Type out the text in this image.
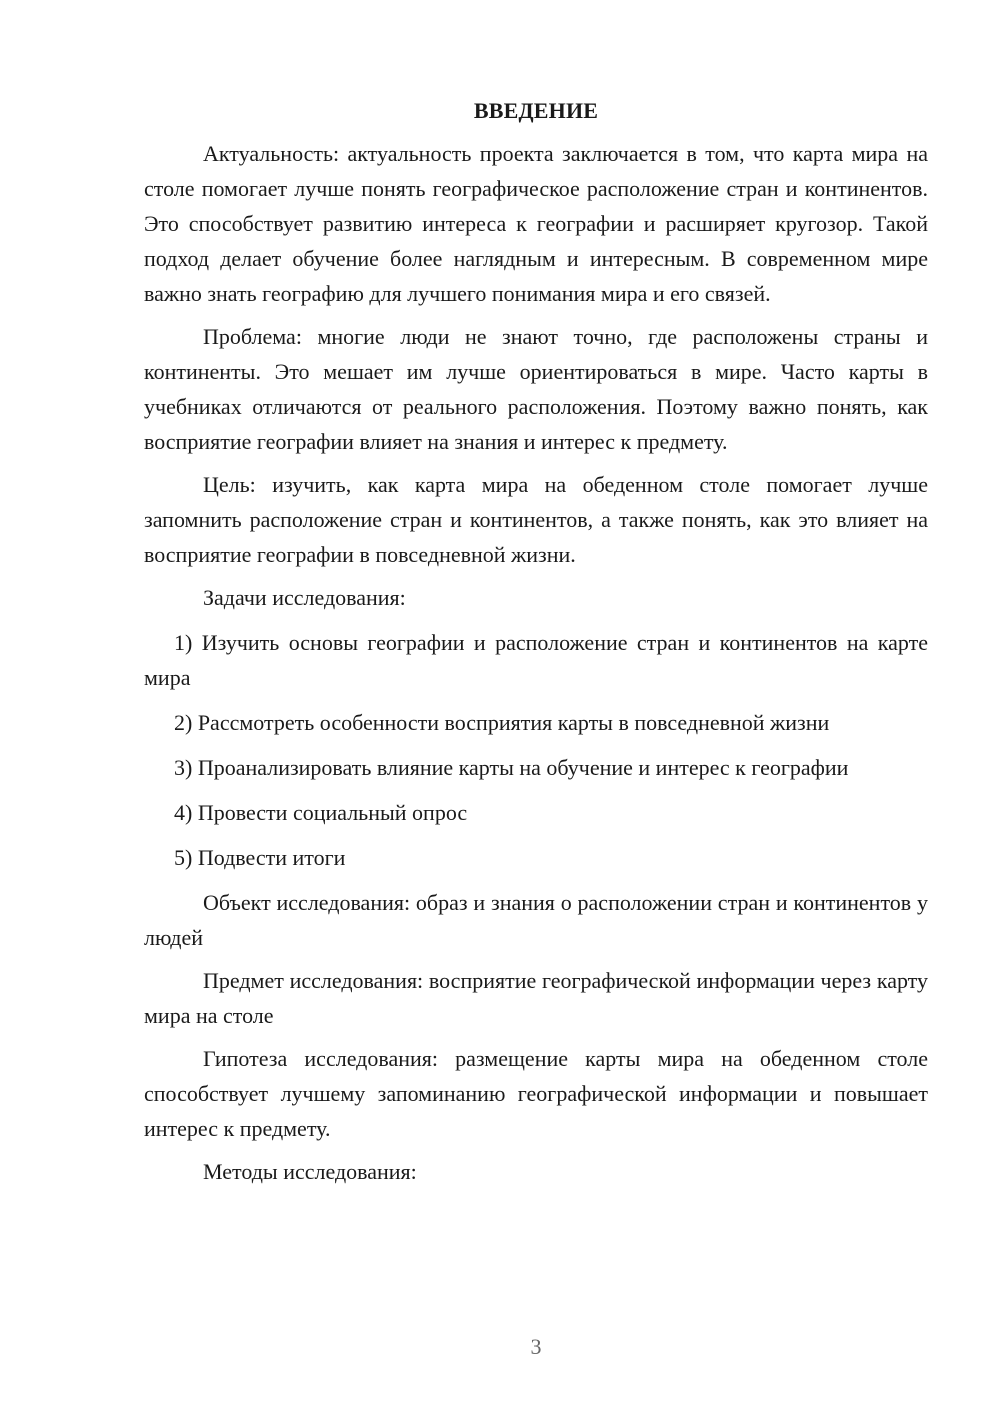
ВВЕДЕНИЕ

Актуальность: актуальность проекта заключается в том, что карта мира на столе помогает лучше понять географическое расположение стран и континентов. Это способствует развитию интереса к географии и расширяет кругозор. Такой подход делает обучение более наглядным и интересным. В современном мире важно знать географию для лучшего понимания мира и его связей.

Проблема: многие люди не знают точно, где расположены страны и континенты. Это мешает им лучше ориентироваться в мире. Часто карты в учебниках отличаются от реального расположения. Поэтому важно понять, как восприятие географии влияет на знания и интерес к предмету.

Цель: изучить, как карта мира на обеденном столе помогает лучше запомнить расположение стран и континентов, а также понять, как это влияет на восприятие географии в повседневной жизни.

Задачи исследования:

1) Изучить основы географии и расположение стран и континентов на карте мира

2) Рассмотреть особенности восприятия карты в повседневной жизни

3) Проанализировать влияние карты на обучение и интерес к географии

4) Провести социальный опрос

5) Подвести итоги

Объект исследования: образ и знания о расположении стран и континентов у людей

Предмет исследования: восприятие географической информации через карту мира на столе

Гипотеза исследования: размещение карты мира на обеденном столе способствует лучшему запоминанию географической информации и повышает интерес к предмету.

Методы исследования:

3
